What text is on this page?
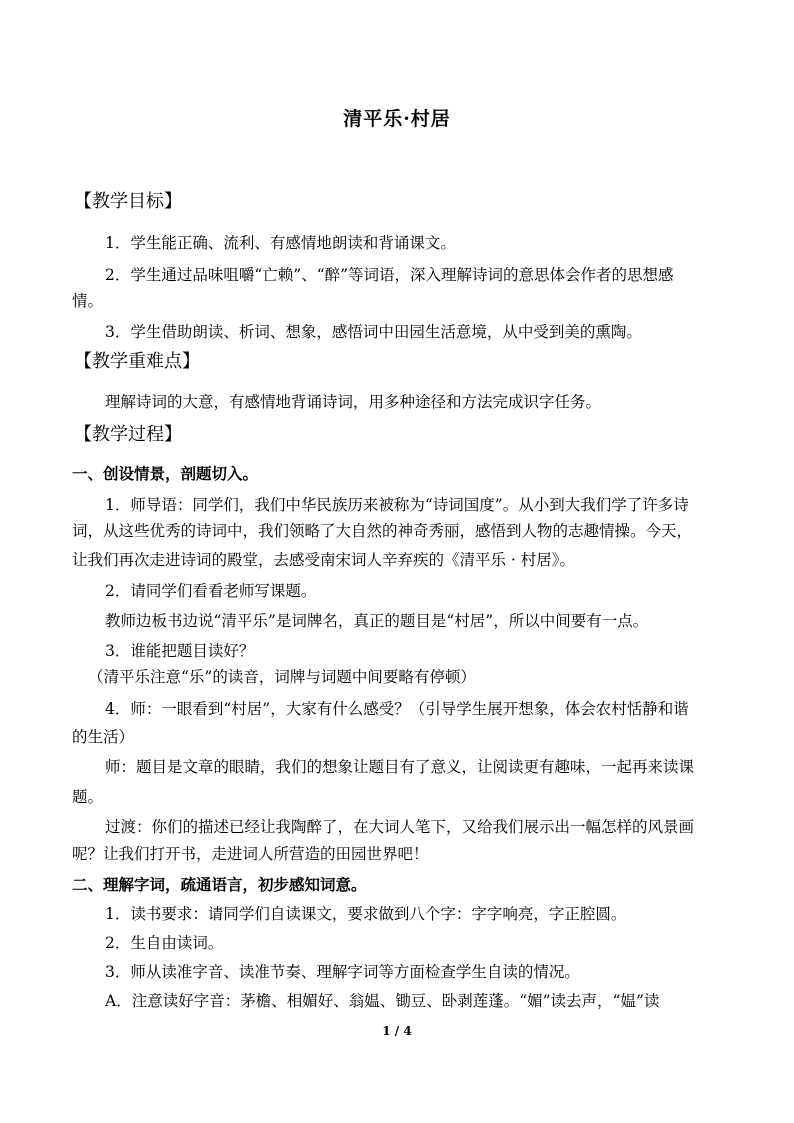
清平乐·村居
【教学目标】
1．学生能正确、流利、有感情地朗读和背诵课文。
2．学生通过品味咀嚼“亡赖”、“醉”等词语，深入理解诗词的意思体会作者的思想感
情。
3．学生借助朗读、析词、想象，感悟词中田园生活意境，从中受到美的熏陶。
【教学重难点】
理解诗词的大意，有感情地背诵诗词，用多种途径和方法完成识字任务。
【教学过程】
一、创设情景，剖题切入。
1．师导语：同学们，我们中华民族历来被称为“诗词国度”。从小到大我们学了许多诗
词，从这些优秀的诗词中，我们领略了大自然的神奇秀丽，感悟到人物的志趣情操。今天，
让我们再次走进诗词的殿堂，去感受南宋词人辛弃疾的《清平乐 · 村居》。
2．请同学们看看老师写课题。
教师边板书边说“清平乐”是词牌名，真正的题目是“村居”，所以中间要有一点。
3．谁能把题目读好？
（清平乐注意“乐”的读音，词牌与词题中间要略有停顿）
4．师：一眼看到“村居”，大家有什么感受？（引导学生展开想象，体会农村恬静和谐
的生活）
师：题目是文章的眼睛，我们的想象让题目有了意义，让阅读更有趣味，一起再来读课
题。
过渡：你们的描述已经让我陶醉了，在大词人笔下，又给我们展示出一幅怎样的风景画
呢？让我们打开书，走进词人所营造的田园世界吧！
二、理解字词，疏通语言，初步感知词意。
1．读书要求：请同学们自读课文，要求做到八个字：字字响亮，字正腔圆。
2．生自由读词。
3．师从读准字音、读准节奏、理解字词等方面检查学生自读的情况。
A．注意读好字音：茅檐、相媚好、翁媪、锄豆、卧剥莲蓬。“媚”读去声，“媪”读
1 / 4
